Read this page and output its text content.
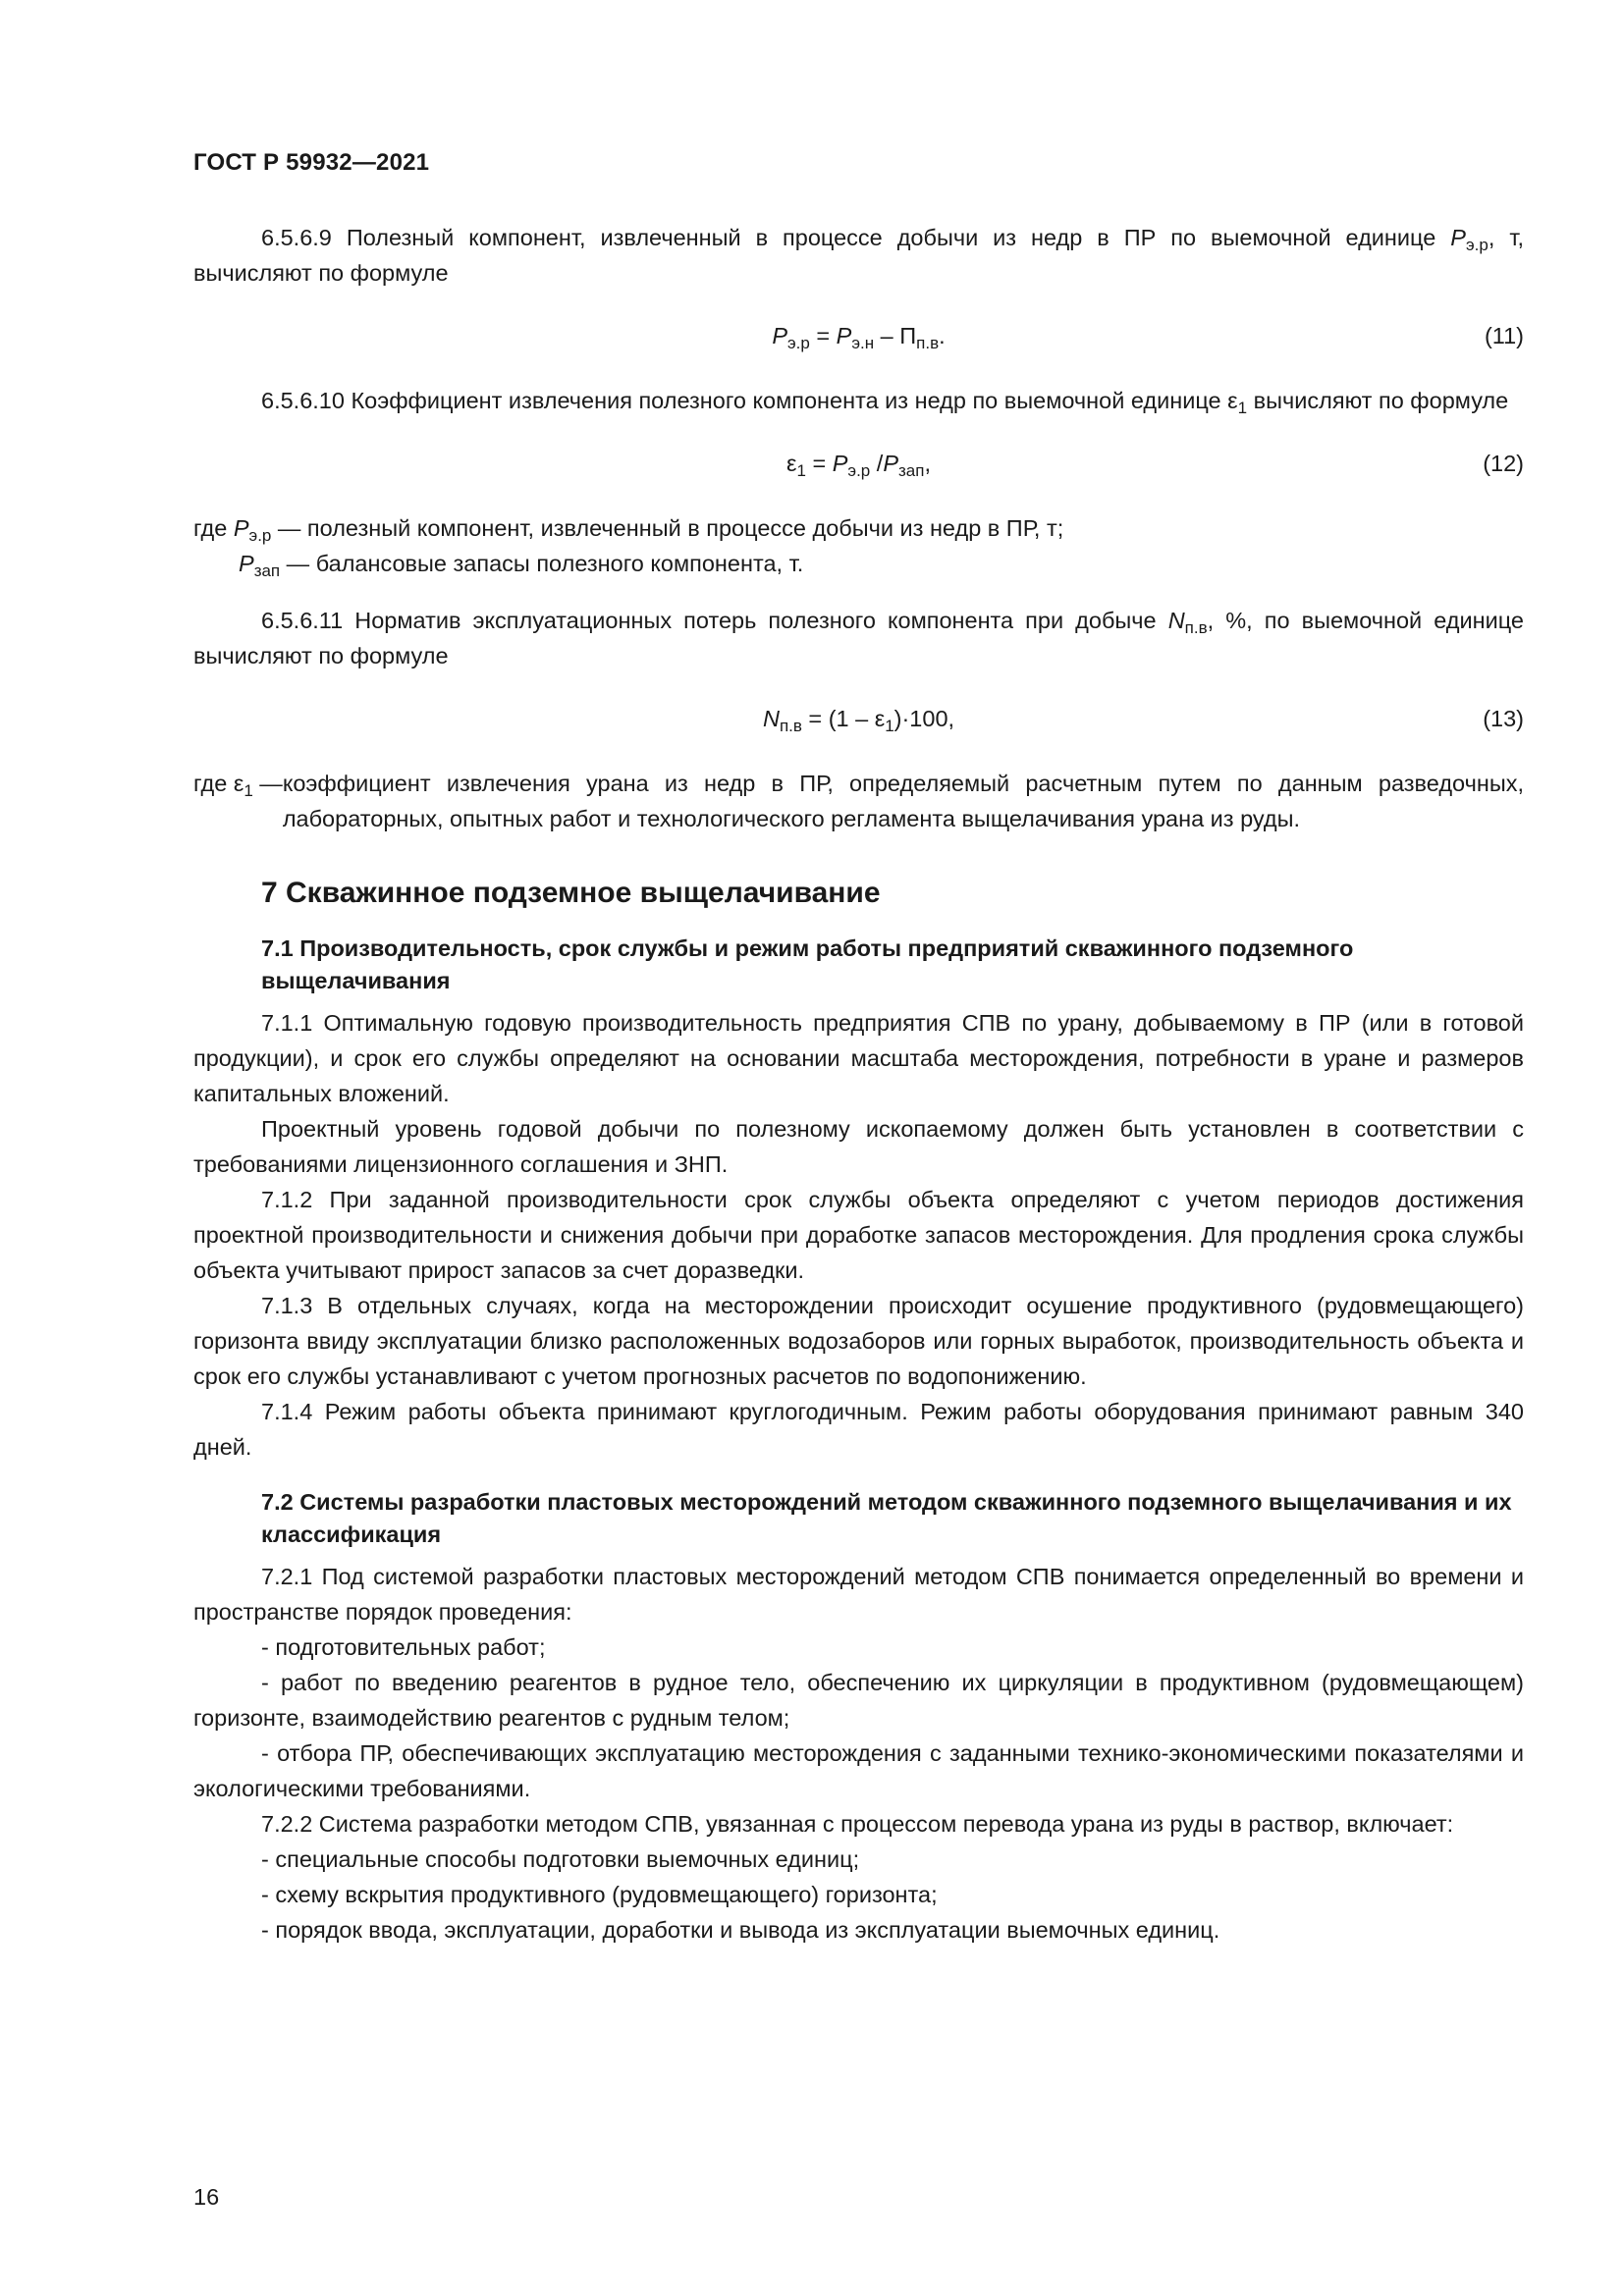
ГОСТ Р 59932—2021

6.5.6.9 Полезный компонент, извлеченный в процессе добычи из недр в ПР по выемочной единице $P_{э.р}$, т, вычисляют по формуле

$P_{э.р} = P_{э.н} - П_{п.в}$.	(11)

6.5.6.10 Коэффициент извлечения полезного компонента из недр по выемочной единице $\varepsilon_1$ вычисляют по формуле

$\varepsilon_1 = P_{э.р}$ $/P_{зап}$,	(12)

где $P_{э.р}$ — полезный компонент, извлеченный в процессе добычи из недр в ПР, т;

$P_{зап}$ — балансовые запасы полезного компонента, т.

6.5.6.11 Норматив эксплуатационных потерь полезного компонента при добыче $N_{п.в}$, %, по выемочной единице вычисляют по формуле

$N_{п.в} = (1 - \varepsilon_1)\cdot 100$,	(13)
где $\varepsilon_1$ — коэффициент извлечения урана из недр в ПР, определяемый расчетным путем по данным разведочных, лабораторных, опытных работ и технологического регламента выщелачивания урана из руды.
7 Скважинное подземное выщелачивание
7.1 Производительность, срок службы и режим работы предприятий скважинного подземного выщелачивания

7.1.1 Оптимальную годовую производительность предприятия СПВ по урану, добываемому в ПР (или в готовой продукции), и срок его службы определяют на основании масштаба месторождения, потребности в уране и размеров капитальных вложений.

Проектный уровень годовой добычи по полезному ископаемому должен быть установлен в соответствии с требованиями лицензионного соглашения и ЗНП.

7.1.2 При заданной производительности срок службы объекта определяют с учетом периодов достижения проектной производительности и снижения добычи при доработке запасов месторождения. Для продления срока службы объекта учитывают прирост запасов за счет доразведки.

7.1.3 В отдельных случаях, когда на месторождении происходит осушение продуктивного (рудовмещающего) горизонта ввиду эксплуатации близко расположенных водозаборов или горных выработок, производительность объекта и срок его службы устанавливают с учетом прогнозных расчетов по водопонижению.

7.1.4 Режим работы объекта принимают круглогодичным. Режим работы оборудования принимают равным 340 дней.

7.2 Системы разработки пластовых месторождений методом скважинного подземного выщелачивания и их классификация

7.2.1 Под системой разработки пластовых месторождений методом СПВ понимается определенный во времени и пространстве порядок проведения:

- подготовительных работ;

- работ по введению реагентов в рудное тело, обеспечению их циркуляции в продуктивном (рудовмещающем) горизонте, взаимодействию реагентов с рудным телом;

- отбора ПР, обеспечивающих эксплуатацию месторождения с заданными технико-экономическими показателями и экологическими требованиями.

7.2.2 Система разработки методом СПВ, увязанная с процессом перевода урана из руды в раствор, включает:

- специальные способы подготовки выемочных единиц;

- схему вскрытия продуктивного (рудовмещающего) горизонта;

- порядок ввода, эксплуатации, доработки и вывода из эксплуатации выемочных единиц.

16
